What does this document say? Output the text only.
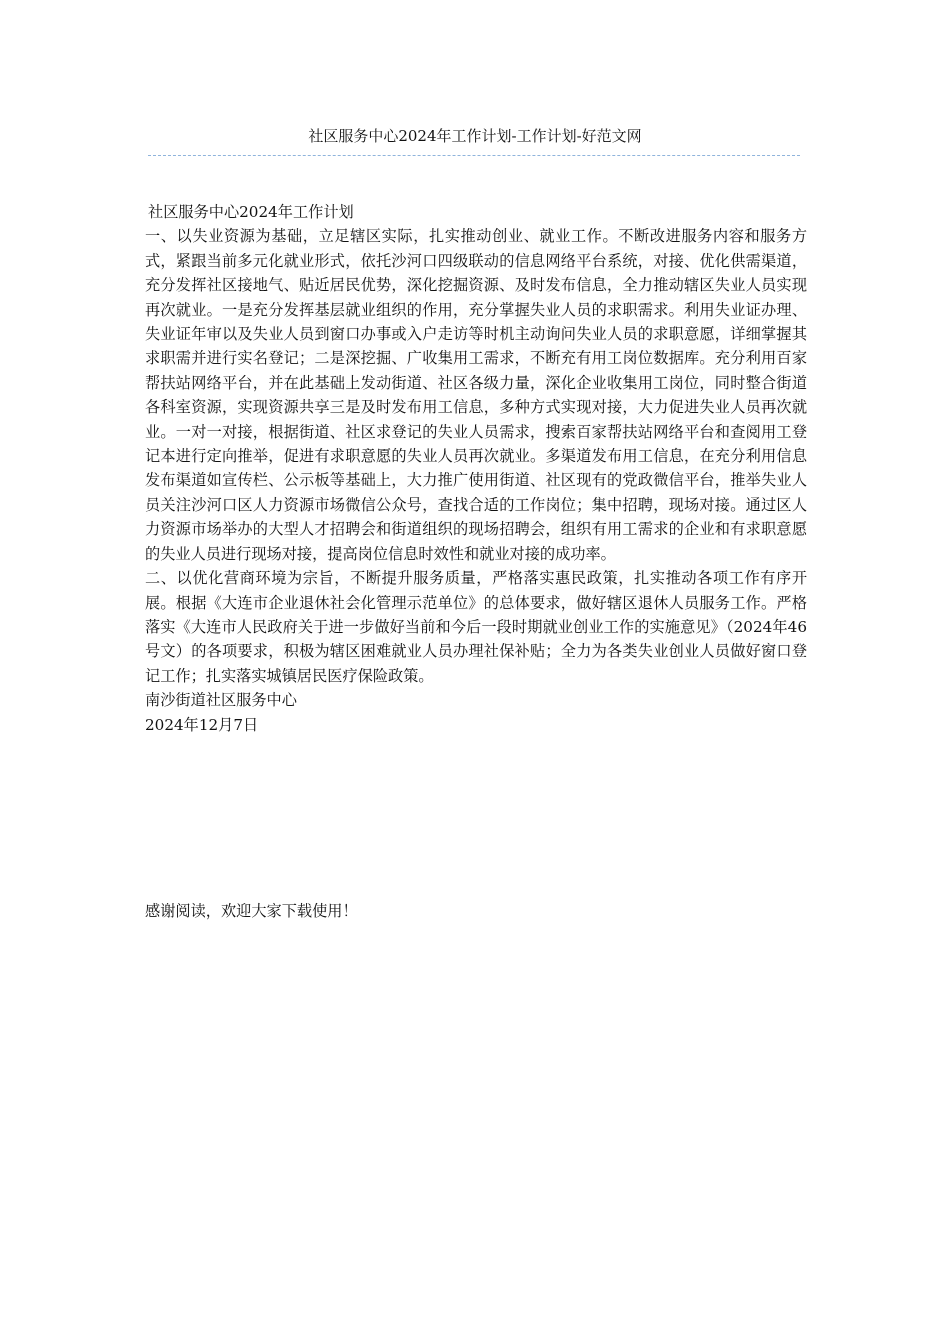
社区服务中心2024年工作计划-工作计划-好范文网

社区服务中心2024年工作计划

一、以失业资源为基础，立足辖区实际，扎实推动创业、就业工作。不断改进服务内容和服务方式，紧跟当前多元化就业形式，依托沙河口四级联动的信息网络平台系统，对接、优化供需渠道，充分发挥社区接地气、贴近居民优势，深化挖掘资源、及时发布信息，全力推动辖区失业人员实现再次就业。一是充分发挥基层就业组织的作用，充分掌握失业人员的求职需求。利用失业证办理、失业证年审以及失业人员到窗口办事或入户走访等时机主动询问失业人员的求职意愿，详细掌握其求职需并进行实名登记；二是深挖掘、广收集用工需求，不断充有用工岗位数据库。充分利用百家帮扶站网络平台，并在此基础上发动街道、社区各级力量，深化企业收集用工岗位，同时整合街道各科室资源，实现资源共享三是及时发布用工信息，多种方式实现对接，大力促进失业人员再次就业。一对一对接，根据街道、社区求登记的失业人员需求，搜索百家帮扶站网络平台和查阅用工登记本进行定向推举，促进有求职意愿的失业人员再次就业。多渠道发布用工信息，在充分利用信息发布渠道如宣传栏、公示板等基础上，大力推广使用街道、社区现有的党政微信平台，推举失业人员关注沙河口区人力资源市场微信公众号，查找合适的工作岗位；集中招聘，现场对接。通过区人力资源市场举办的大型人才招聘会和街道组织的现场招聘会，组织有用工需求的企业和有求职意愿的失业人员进行现场对接，提高岗位信息时效性和就业对接的成功率。

二、以优化营商环境为宗旨，不断提升服务质量，严格落实惠民政策，扎实推动各项工作有序开展。根据《大连市企业退休社会化管理示范单位》的总体要求，做好辖区退休人员服务工作。严格落实《大连市人民政府关于进一步做好当前和今后一段时期就业创业工作的实施意见》（2024年46号文）的各项要求，积极为辖区困难就业人员办理社保补贴；全力为各类失业创业人员做好窗口登记工作；扎实落实城镇居民医疗保险政策。

南沙街道社区服务中心

2024年12月7日

感谢阅读，欢迎大家下载使用！
